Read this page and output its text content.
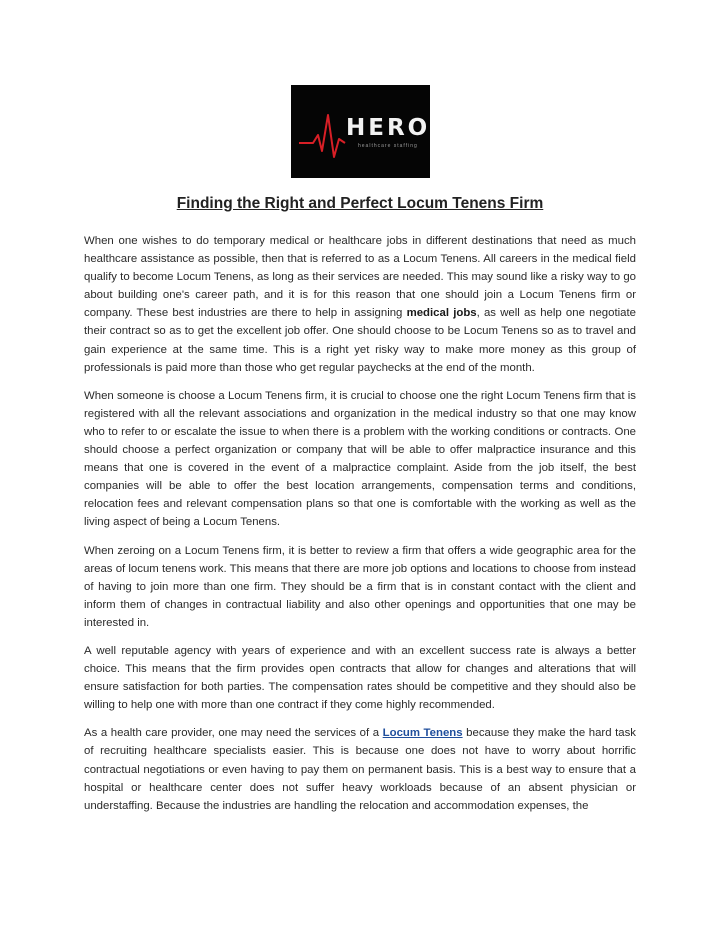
HERO
healthcare staffing
Finding the Right and Perfect Locum Tenens Firm

When one wishes to do temporary medical or healthcare jobs in different destinations that need as much healthcare assistance as possible, then that is referred to as a Locum Tenens. All careers in the medical field qualify to become Locum Tenens, as long as their services are needed. This may sound like a risky way to go about building one's career path, and it is for this reason that one should join a Locum Tenens firm or company. These best industries are there to help in assigning medical jobs, as well as help one negotiate their contract so as to get the excellent job offer. One should choose to be Locum Tenens so as to travel and gain experience at the same time. This is a right yet risky way to make more money as this group of professionals is paid more than those who get regular paychecks at the end of the month.

When someone is choose a Locum Tenens firm, it is crucial to choose one the right Locum Tenens firm that is registered with all the relevant associations and organization in the medical industry so that one may know who to refer to or escalate the issue to when there is a problem with the working conditions or contracts. One should choose a perfect organization or company that will be able to offer malpractice insurance and this means that one is covered in the event of a malpractice complaint. Aside from the job itself, the best companies will be able to offer the best location arrangements, compensation terms and conditions, relocation fees and relevant compensation plans so that one is comfortable with the working as well as the living aspect of being a Locum Tenens.

When zeroing on a Locum Tenens firm, it is better to review a firm that offers a wide geographic area for the areas of locum tenens work. This means that there are more job options and locations to choose from instead of having to join more than one firm. They should be a firm that is in constant contact with the client and inform them of changes in contractual liability and also other openings and opportunities that one may be interested in.

A well reputable agency with years of experience and with an excellent success rate is always a better choice. This means that the firm provides open contracts that allow for changes and alterations that will ensure satisfaction for both parties. The compensation rates should be competitive and they should also be willing to help one with more than one contract if they come highly recommended.

As a health care provider, one may need the services of a Locum Tenens because they make the hard task of recruiting healthcare specialists easier. This is because one does not have to worry about horrific contractual negotiations or even having to pay them on permanent basis. This is a best way to ensure that a hospital or healthcare center does not suffer heavy workloads because of an absent physician or understaffing. Because the industries are handling the relocation and accommodation expenses, the
